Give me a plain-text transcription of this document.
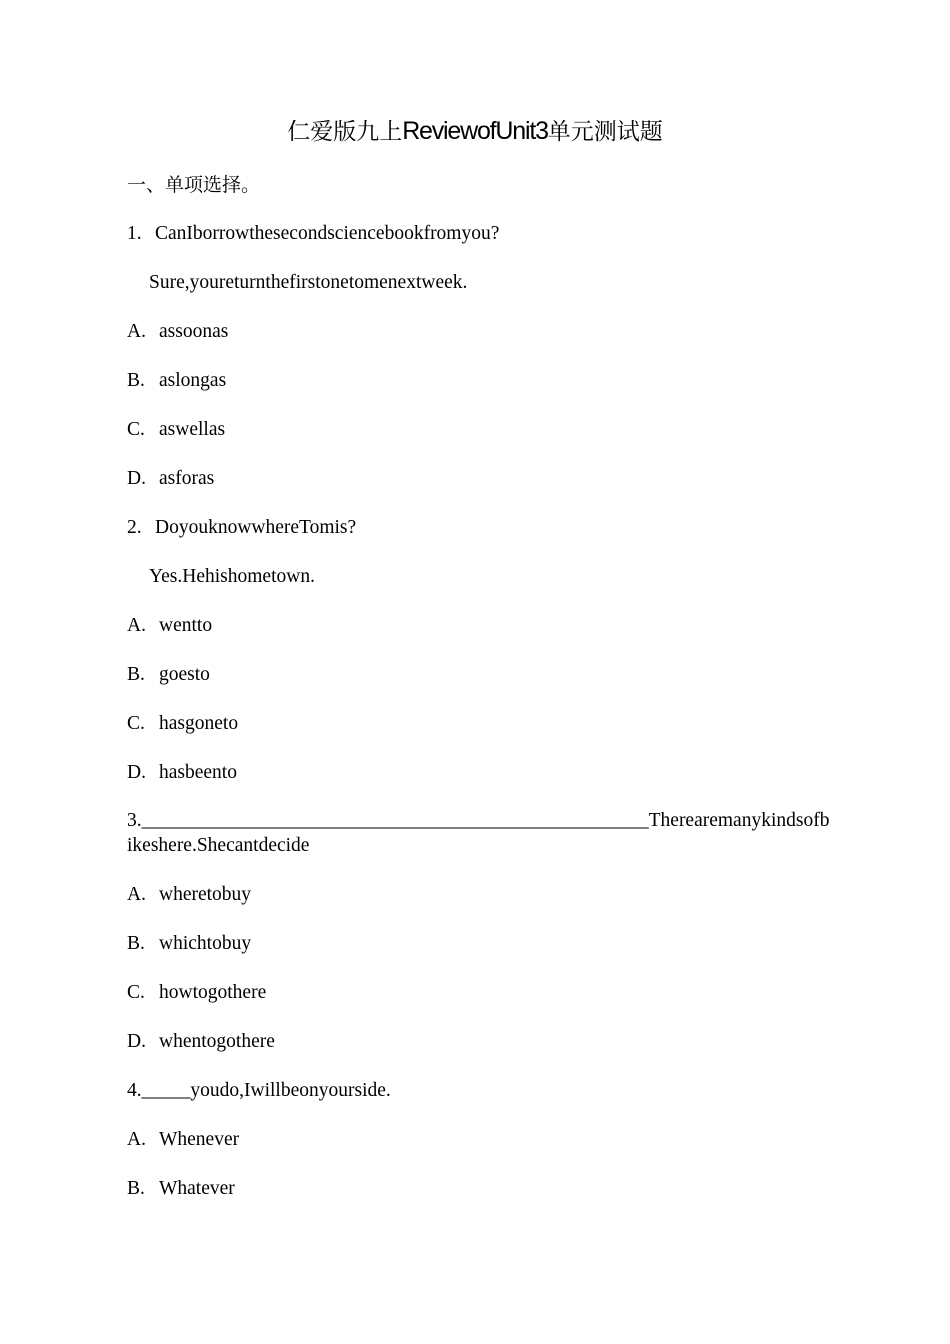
仁爱版九上ReviewofUnit3单元测试题
一、单项选择。
1. CanIborrowthesecondsciencebookfromyou?
Sure,youreturnthefirstonetomenextweek.
A. assoonas
B. aslongas
C. aswellas
D. asforas
2. DoyouknowwhereTomis?
Yes.Hehishometown.
A. wentto
B. goesto
C. hasgoneto
D. hasbeento
3.____________________________________________________Therearemanykindsofbikeshere.Shecantdecide
A. wheretobuy
B. whichtobuy
C. howtogothere
D. whentogothere
4._____youdo,Iwillbeonyourside.
A. Whenever
B. Whatever
